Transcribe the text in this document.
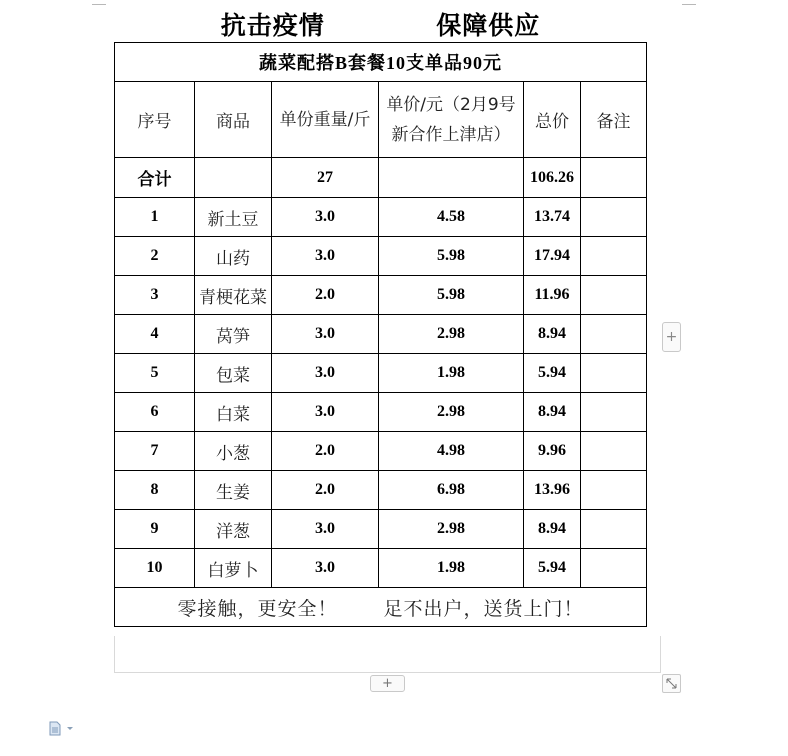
抗击疫情 保障供应					
蔬菜配搭B套餐10支单品90元					
序号	商品	单份重量/斤	单价/元（2月9号新合作上津店）	总价	备注
合计		27		106.26	
1	新土豆	3.0	4.58	13.74	
2	山药	3.0	5.98	17.94	
3	青梗花菜	2.0	5.98	11.96	
4	莴笋	3.0	2.98	8.94	
5	包菜	3.0	1.98	5.94	
6	白菜	3.0	2.98	8.94	
7	小葱	2.0	4.98	9.96	
8	生姜	2.0	6.98	13.96	
9	洋葱	3.0	2.98	8.94	
10	白萝卜	3.0	1.98	5.94	
零接触，更安全！ 足不出户，送货上门！					
+
+
